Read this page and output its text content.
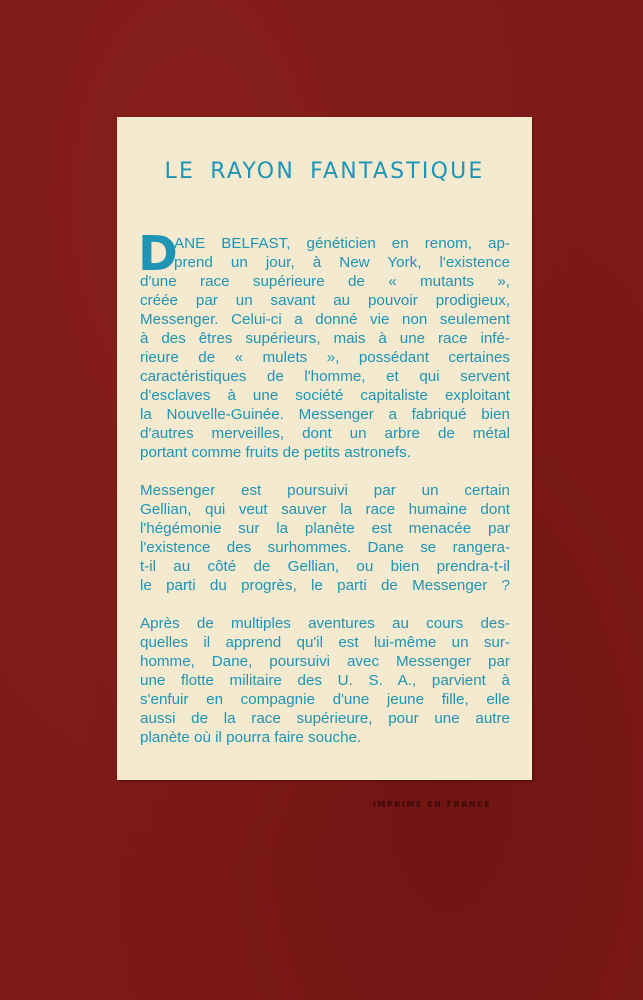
LE RAYON FANTASTIQUE
D
ANE BELFAST, généticien en renom, ap-
prend un jour, à New York, l'existence
d'une race supérieure de « mutants »,
créée par un savant au pouvoir prodigieux,
Messenger. Celui-ci a donné vie non seulement
à des êtres supérieurs, mais à une race infé-
rieure de « mulets », possédant certaines
caractéristiques de l'homme, et qui servent
d'esclaves à une société capitaliste exploitant
la Nouvelle-Guinée. Messenger a fabriqué bien
d'autres merveilles, dont un arbre de métal
portant comme fruits de petits astronefs.
Messenger est poursuivi par un certain
Gellian, qui veut sauver la race humaine dont
l'hégémonie sur la planète est menacée par
l'existence des surhommes. Dane se rangera-
t-il au côté de Gellian, ou bien prendra-t-il
le parti du progrès, le parti de Messenger ?
Après de multiples aventures au cours des-
quelles il apprend qu'il est lui-même un sur-
homme, Dane, poursuivi avec Messenger par
une flotte militaire des U. S. A., parvient à
s'enfuir en compagnie d'une jeune fille, elle
aussi de la race supérieure, pour une autre
planète où il pourra faire souche.
IMPRIMÉ EN FRANCE
